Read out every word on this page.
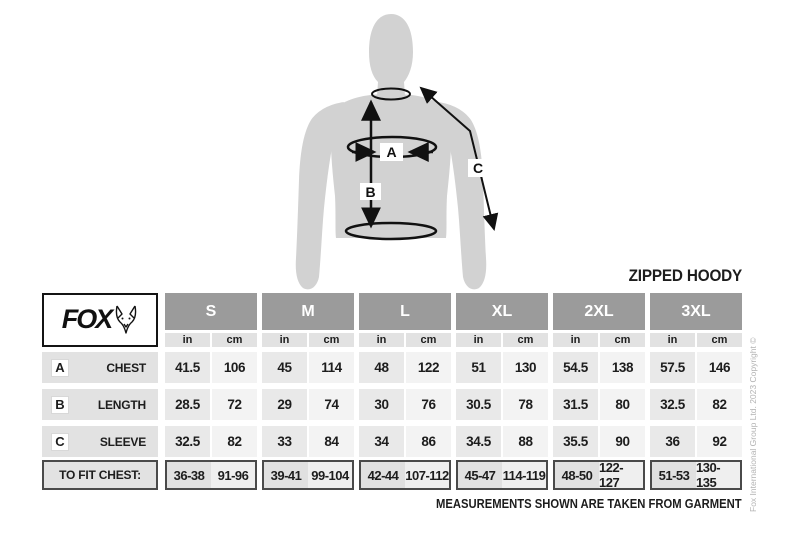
A
B
C
ZIPPED HOODY
FOX	S	M	L	XL	2XL	3XL
in	cm	in	cm	in	cm	in	cm	in	cm	in	cm
A	CHEST	41.5	106	45	114	48	122	51	130	54.5	138	57.5	146
B	LENGTH	28.5	72	29	74	30	76	30.5	78	31.5	80	32.5	82
C	SLEEVE	32.5	82	33	84	34	86	34.5	88	35.5	90	36	92
TO FIT CHEST:	36-38	91-96	39-41 99-104	42-44 107-112	45-47 114-119	48-50 122-127	51-53 130-135
MEASUREMENTS SHOWN ARE TAKEN FROM GARMENT Fox International Group Ltd. 2023 Copyright ©
